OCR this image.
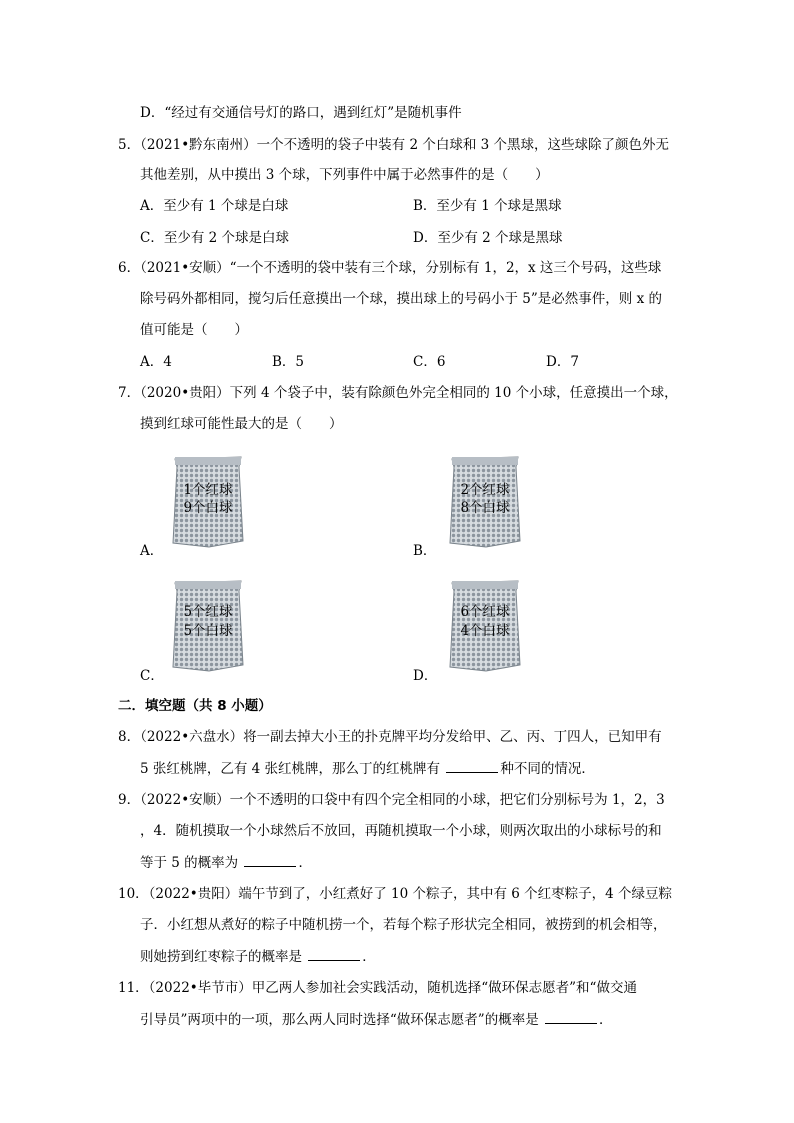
D．“经过有交通信号灯的路口，遇到红灯”是随机事件
5．（2021•黔东南州）一个不透明的袋子中装有 2 个白球和 3 个黑球，这些球除了颜色外无
其他差别，从中摸出 3 个球，下列事件中属于必然事件的是（　　）
A．至少有 1 个球是白球	B．至少有 1 个球是黑球
C．至少有 2 个球是白球	D．至少有 2 个球是黑球
6．（2021•安顺）“一个不透明的袋中装有三个球，分别标有 1，2，x 这三个号码，这些球
除号码外都相同，搅匀后任意摸出一个球，摸出球上的号码小于 5”是必然事件，则 x 的
值可能是（　　）
A．4	B．5	C．6	D．7
7．（2020•贵阳）下列 4 个袋子中，装有除颜色外完全相同的 10 个小球，任意摸出一个球，
摸到红球可能性最大的是（　　）
A．
1个红球
9个白球
B．
2个红球
8个白球
C．
5个红球
5个白球
D．
6个红球
4个白球
二．填空题（共 8 小题）
8．（2022•六盘水）将一副去掉大小王的扑克牌平均分发给甲、乙、丙、丁四人，已知甲有
5 张红桃牌，乙有 4 张红桃牌，那么丁的红桃牌有	种不同的情况．
9．（2022•安顺）一个不透明的口袋中有四个完全相同的小球，把它们分别标号为 1，2，3
，4．随机摸取一个小球然后不放回，再随机摸取一个小球，则两次取出的小球标号的和
等于 5 的概率为	．
10．（2022•贵阳）端午节到了，小红煮好了 10 个粽子，其中有 6 个红枣粽子，4 个绿豆粽
子．小红想从煮好的粽子中随机捞一个，若每个粽子形状完全相同，被捞到的机会相等，
则她捞到红枣粽子的概率是	．
11．（2022•毕节市）甲乙两人参加社会实践活动，随机选择“做环保志愿者”和“做交通
引导员”两项中的一项，那么两人同时选择“做环保志愿者”的概率是	．
